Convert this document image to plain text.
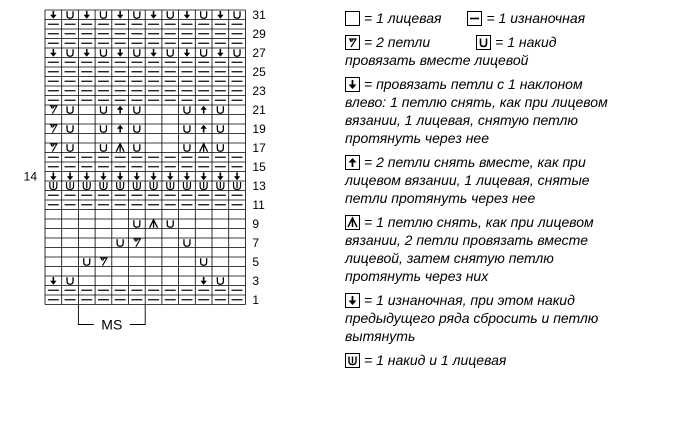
31
29
27
25
23
21
19
17
15
14
13
11
9
7
5
3
1
MS
= 1 лицевая	= 1 изнаночная
= 2 петли	= 1 накид
провязать вместе лицевой
= провязать петли с 1 наклоном
влево: 1 петлю снять, как при лицевом
вязании, 1 лицевая, снятую петлю
протянуть через нее
= 2 петли снять вместе, как при
лицевом вязании, 1 лицевая, снятые
петли протянуть через нее
= 1 петлю снять, как при лицевом
вязании, 2 петли провязать вместе
лицевой, затем снятую петлю
протянуть через них
= 1 изнаночная, при этом накид
предыдущего ряда сбросить и петлю
вытянуть
= 1 накид и 1 лицевая
